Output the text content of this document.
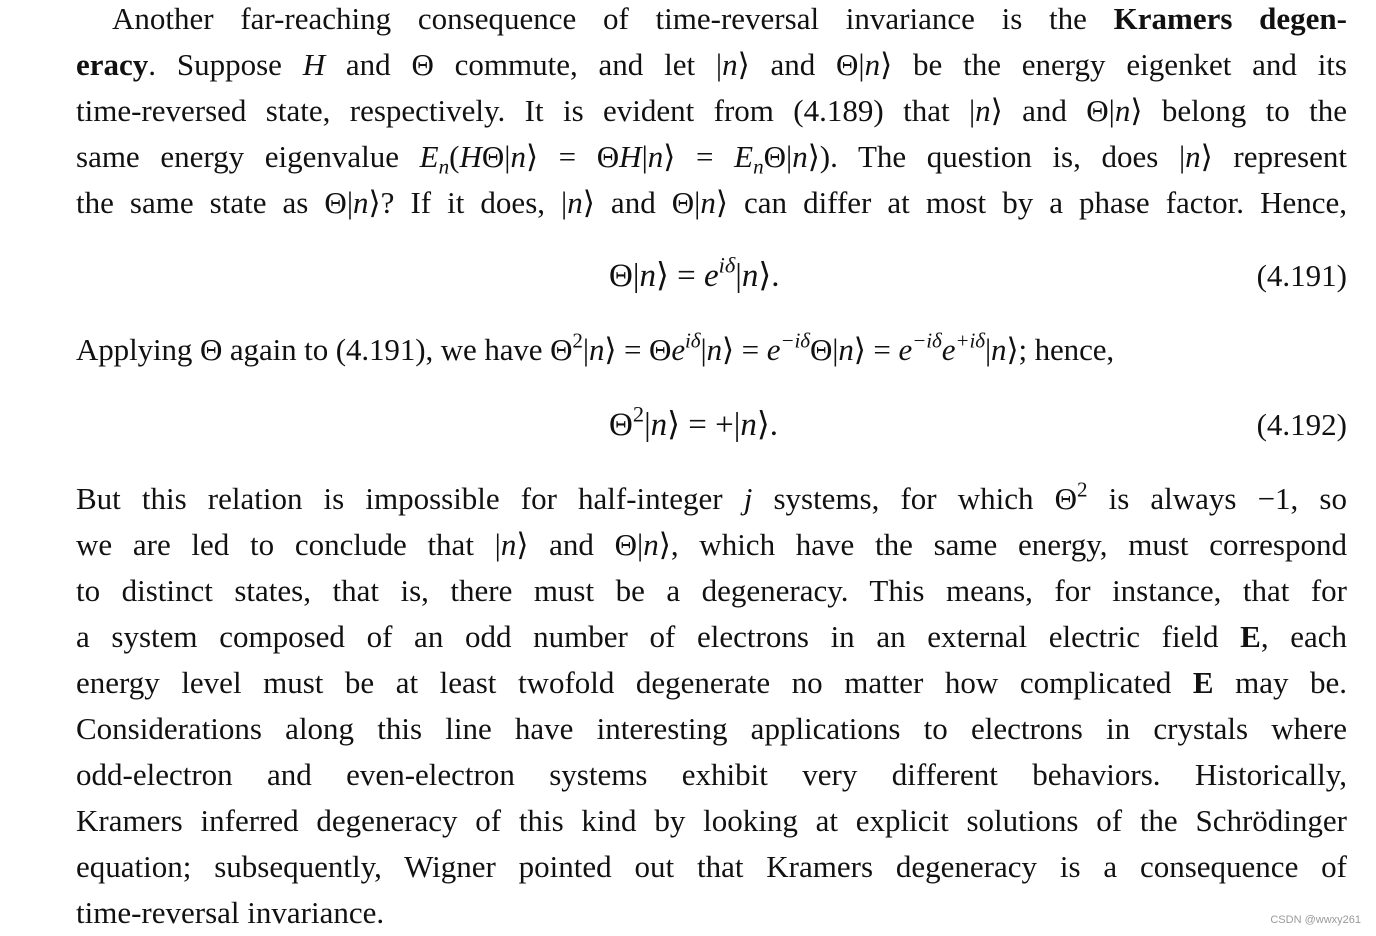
Another far-reaching consequence of time-reversal invariance is the Kramers degen-
eracy. Suppose H and Θ commute, and let |n⟩ and Θ|n⟩ be the energy eigenket and its
time-reversed state, respectively. It is evident from (4.189) that |n⟩ and Θ|n⟩ belong to the
same energy eigenvalue $E_n(H\Theta|n⟩$ = ΘH|n⟩ = $E_n\Theta|n⟩$). The question is, does |n⟩ represent
the same state as Θ|n⟩? If it does, |n⟩ and Θ|n⟩ can differ at most by a phase factor. Hence,
Θ|n⟩ = $e^{i\delta}|n⟩$.	(4.191)
Applying Θ again to (4.191), we have $\Theta^2|n⟩$ = $\Theta e^{i\delta}|n⟩$ = $e^{-i\delta}\Theta|n⟩$ = $e^{-i\delta}e^{+i\delta}|n⟩$; hence,
$\Theta^2|n⟩$ = +|n⟩.	(4.192)
But this relation is impossible for half-integer j systems, for which $\Theta^2$ is always −1, so
we are led to conclude that |n⟩ and Θ|n⟩, which have the same energy, must correspond
to distinct states, that is, there must be a degeneracy. This means, for instance, that for
a system composed of an odd number of electrons in an external electric field E, each
energy level must be at least twofold degenerate no matter how complicated E may be.
Considerations along this line have interesting applications to electrons in crystals where
odd-electron and even-electron systems exhibit very different behaviors. Historically,
Kramers inferred degeneracy of this kind by looking at explicit solutions of the Schrödinger
equation; subsequently, Wigner pointed out that Kramers degeneracy is a consequence of
time-reversal invariance.	CSDN @wwxy261
